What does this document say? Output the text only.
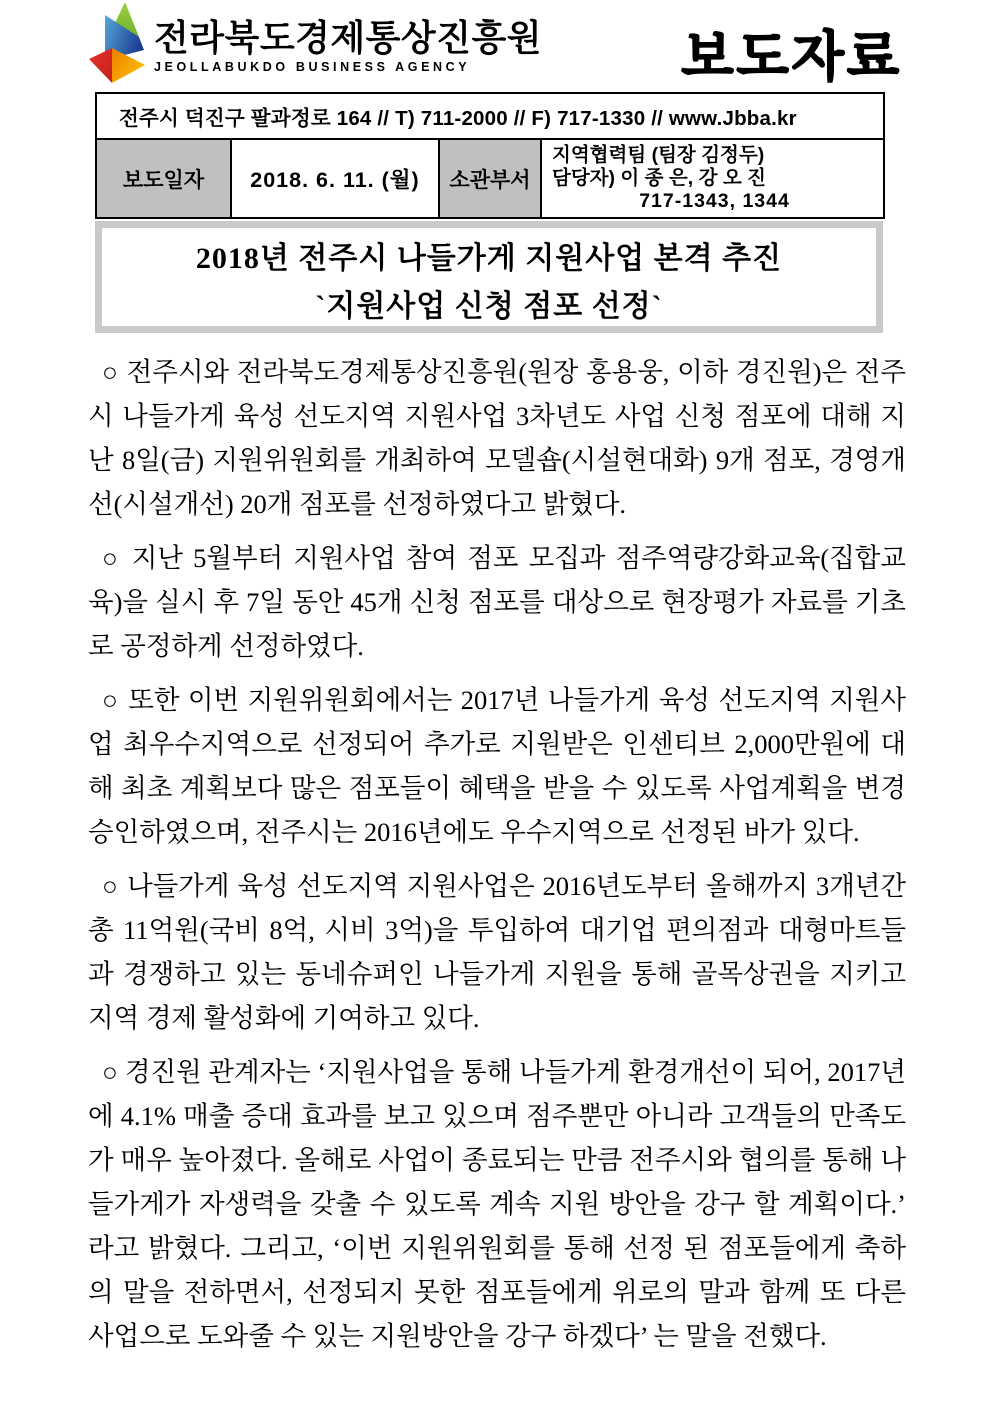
전라북도경제통상진흥원
JEOLLABUKDO BUSINESS AGENCY	보도자료
전주시 덕진구 팔과정로 164 // T) 711-2000 // F) 717-1330 // www.Jbba.kr
보도일자	2018. 6. 11. (월)	소관부서	
지역협력팀 (팀장 김정두)
담당자) 이 종 은, 강 오 진
717-1343, 1344
2018년 전주시 나들가게 지원사업 본격 추진
`지원사업 신청 점포 선정`

○ 전주시와 전라북도경제통상진흥원(원장 홍용웅, 이하 경진원)은 전주시 나들가게 육성 선도지역 지원사업 3차년도 사업 신청 점포에 대해 지난 8일(금) 지원위원회를 개최하여 모델숍(시설현대화) 9개 점포, 경영개선(시설개선) 20개 점포를 선정하였다고 밝혔다.

○ 지난 5월부터 지원사업 참여 점포 모집과 점주역량강화교육(집합교육)을 실시 후 7일 동안 45개 신청 점포를 대상으로 현장평가 자료를 기초로 공정하게 선정하였다.

○ 또한 이번 지원위원회에서는 2017년 나들가게 육성 선도지역 지원사업 최우수지역으로 선정되어 추가로 지원받은 인센티브 2,000만원에 대해 최초 계획보다 많은 점포들이 혜택을 받을 수 있도록 사업계획을 변경 승인하였으며, 전주시는 2016년에도 우수지역으로 선정된 바가 있다.

○ 나들가게 육성 선도지역 지원사업은 2016년도부터 올해까지 3개년간 총 11억원(국비 8억, 시비 3억)을 투입하여 대기업 편의점과 대형마트들과 경쟁하고 있는 동네슈퍼인 나들가게 지원을 통해 골목상권을 지키고 지역 경제 활성화에 기여하고 있다.

○ 경진원 관계자는 ‘지원사업을 통해 나들가게 환경개선이 되어, 2017년에 4.1% 매출 증대 효과를 보고 있으며 점주뿐만 아니라 고객들의 만족도가 매우 높아졌다. 올해로 사업이 종료되는 만큼 전주시와 협의를 통해 나들가게가 자생력을 갖출 수 있도록 계속 지원 방안을 강구 할 계획이다.’ 라고 밝혔다. 그리고, ‘이번 지원위원회를 통해 선정 된 점포들에게 축하의 말을 전하면서, 선정되지 못한 점포들에게 위로의 말과 함께 또 다른 사업으로 도와줄 수 있는 지원방안을 강구 하겠다’ 는 말을 전했다.
